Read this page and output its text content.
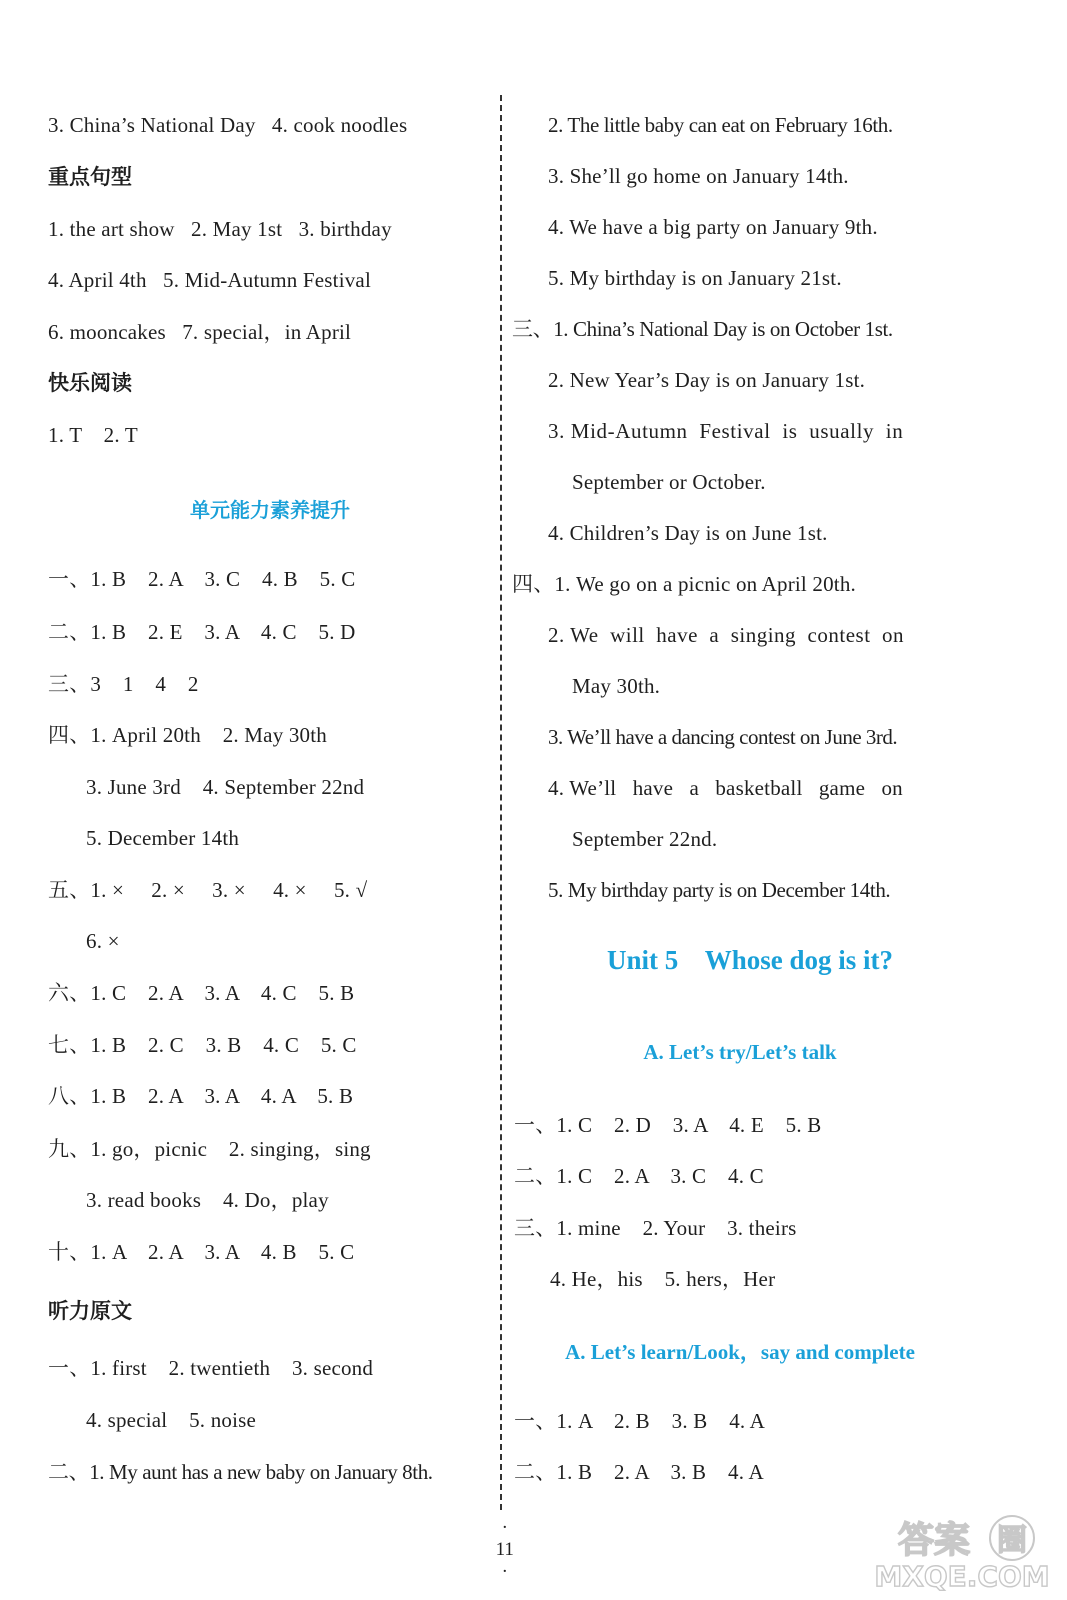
3. China’s National Day   4. cook noodles
重点句型
1. the art show   2. May 1st   3. birthday
4. April 4th   5. Mid-Autumn Festival
6. mooncakes   7. special，in April
快乐阅读
1. T    2. T
单元能力素养提升
一、1. B    2. A    3. C    4. B    5. C
二、1. B    2. E    3. A    4. C    5. D
三、3    1    4    2
四、1. April 20th    2. May 30th
3. June 3rd    4. September 22nd
5. December 14th
五、1. ×     2. ×     3. ×     4. ×     5. √
6. ×
六、1. C    2. A    3. A    4. C    5. B
七、1. B    2. C    3. B    4. C    5. C
八、1. B    2. A    3. A    4. A    5. B
九、1. go，picnic    2. singing，sing
3. read books    4. Do，play
十、1. A    2. A    3. A    4. B    5. C
听力原文
一、1. first    2. twentieth    3. second
4. special    5. noise
二、1. My aunt has a new baby on January 8th.
2. The little baby can eat on February 16th.
3. She’ll go home on January 14th.
4. We have a big party on January 9th.
5. My birthday is on January 21st.
三、1. China’s National Day is on October 1st.
2. New Year’s Day is on January 1st.
3. Mid-Autumn  Festival  is  usually  in
September or October.
4. Children’s Day is on June 1st.
四、1. We go on a picnic on April 20th.
2. We  will  have  a  singing  contest  on
May 30th.
3. We’ll have a dancing contest on June 3rd.
4. We’ll   have   a   basketball   game   on
September 22nd.
5. My birthday party is on December 14th.
Unit 5    Whose dog is it?
A. Let’s try/Let’s talk
一、1. C    2. D    3. A    4. E    5. B
二、1. C    2. A    3. C    4. C
三、1. mine    2. Your    3. theirs
4. He，his    5. hers，Her
A. Let’s learn/Look，say and complete
一、1. A    2. B    3. B    4. A
二、1. B    2. A    3. B    4. A

·
11
·

答案 圈
MXQE.COM
